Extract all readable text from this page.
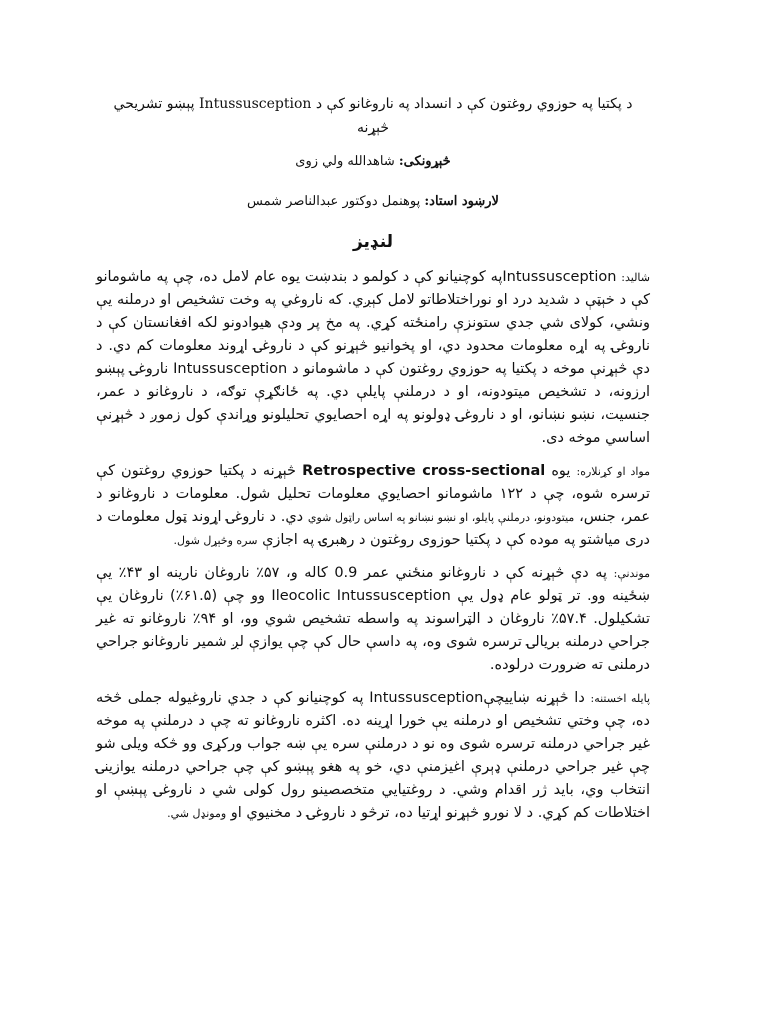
د پکتیا په حوزوي روغتون کې د انسداد په ناروغانو کې د Intussusception پېښو تشریحي څېړنه

څېړونکی: شاهدالله ولي زوی

لارښود استاد: پوهنمل دوکتور عبدالناصر شمس

لنډیز

شالید: Intussusceptionپه کوچنیانو کې د کولمو د بندښت یوه عام لامل ده، چې په ماشومانو کې د خېټې د شدید درد او نوراختلاطاتو لامل کېږي. که ناروغي په وخت تشخیص او درملنه یې ونشي، کولای شي جدي ستونزې رامنځته کړي. په مخ پر ودې هیوادونو لکه افغانستان کې د ناروغۍ په اړه معلومات محدود دي، او پخوانیو څېړنو کې د ناروغۍ اړوند معلومات کم دي. د دې څېړنې موخه د پکتیا په حوزوي روغتون کې د ماشومانو د Intussusception ناروغۍ پېښو ارزونه، د تشخیص میتودونه، او د درملنې پایلې دي. په ځانګړې توګه، د ناروغانو د عمر، جنسیت، نښو نښانو، او د ناروغۍ ډولونو په اړه احصایوي تحلیلونو وړاندې کول زموږ د څېړنې اساسي موخه دی.

مواد او کړنلاره: یوه Retrospective cross-sectional څېړنه د پکتیا حوزوي روغتون کې ترسره شوه، چې د ۱۲۲ ماشومانو احصایوي معلومات تحلیل شول. معلومات د ناروغانو د عمر، جنس، میتودونو، درملنې پایلو، او نښو نښانو په اساس راټول شوي دي. د ناروغۍ اړوند ټول معلومات د دری میاشتو په موده کې د پکتیا حوزوی روغتون د رهبرۍ په اجازې سره وڅېړل شول.

موندنې: په دې څېړنه کې د ناروغانو منځني عمر 0.9 کاله و، ۵۷٪ ناروغان نارینه او ۴۳٪ یې ښځینه وو. تر ټولو عام ډول یې Ileocolic Intussusception وو چې (۶۱.۵٪) ناروغان یې تشکیلول. ۵۷.۴٪ ناروغان د الټراسوند په واسطه تشخیص شوي وو، او ۹۴٪ ناروغانو ته غیر جراحي درملنه بریالۍ ترسره شوی وه، په داسې حال کې چې یوازې لږ شمیر ناروغانو جراحي درملنی ته ضرورت درلوده.

پایله اخستنه: دا څېړنه ښایيچېIntussusception په کوچنیانو کې د جدي ناروغیوله جملی څخه ده، چې وختي تشخیص او درملنه یې خورا اړینه ده. اکثره ناروغانو ته چې د درملنې په موخه غیر جراحي درملنه ترسره شوی وه نو د درملنې سره یې ښه جواب ورکړی وو څکه ویلی شو چې غیر جراحي درملنې ډېرې اغیزمنې دي، خو په هغو پېښو کې چې جراحي درملنه یوازینۍ انتخاب وي، باید ژر اقدام وشي. د روغتیایي متخصصینو رول کولی شي د ناروغۍ پېښې او اختلاطات کم کړي. د لا نورو څېړنو اړتیا ده، ترڅو د ناروغۍ د مخنیوي او ومونډل شي.
